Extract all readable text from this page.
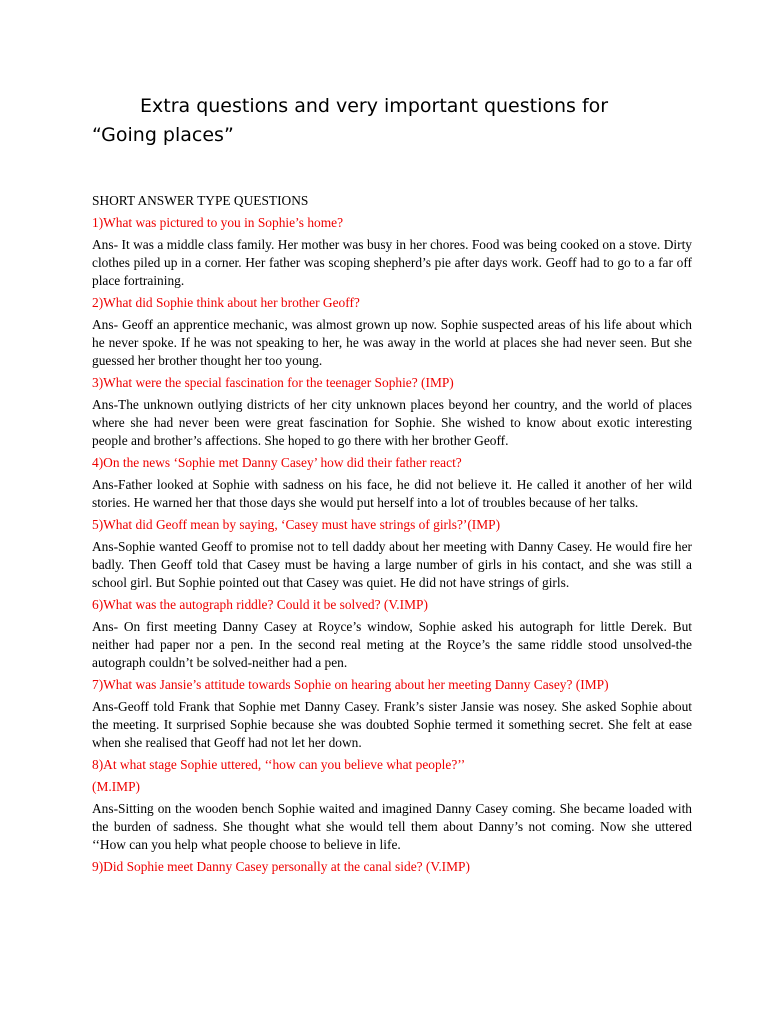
Extra questions and very important questions for
“Going places”
SHORT ANSWER TYPE QUESTIONS
1)What was pictured to you in Sophie’s home?
Ans- It was a middle class family. Her mother was busy in her chores. Food was being cooked on a stove. Dirty clothes piled up in a corner. Her father was scoping shepherd’s pie after days work. Geoff had to go to a far off place fortraining.
2)What did Sophie think about her brother Geoff?
Ans- Geoff an apprentice mechanic, was almost grown up now. Sophie suspected areas of his life about which he never spoke. If he was not speaking to her, he was away in the world at places she had never seen. But she guessed her brother thought her too young.
3)What were the special fascination for the teenager Sophie? (IMP)
Ans-The unknown outlying districts of her city unknown places beyond her country, and the world of places where she had never been were great fascination for Sophie. She wished to know about exotic interesting people and brother’s affections. She hoped to go there with her brother Geoff.
4)On the news ‘Sophie met Danny Casey’ how did their father react?
Ans-Father looked at Sophie with sadness on his face, he did not believe it. He called it another of her wild stories. He warned her that those days she would put herself into a lot of troubles because of her talks.
5)What did Geoff mean by saying, ‘Casey must have strings of girls?’(IMP)
Ans-Sophie wanted Geoff to promise not to tell daddy about her meeting with Danny Casey. He would fire her badly. Then Geoff told that Casey must be having a large number of girls in his contact, and she was still a school girl. But Sophie pointed out that Casey was quiet. He did not have strings of girls.
6)What was the autograph riddle? Could it be solved? (V.IMP)
Ans- On first meeting Danny Casey at Royce’s window, Sophie asked his autograph for little Derek. But neither had paper nor a pen. In the second real meting at the Royce’s the same riddle stood unsolved-the autograph couldn’t be solved-neither had a pen.
7)What was Jansie’s attitude towards Sophie on hearing about her meeting Danny Casey? (IMP)
Ans-Geoff told Frank that Sophie met Danny Casey. Frank’s sister Jansie was nosey. She asked Sophie about the meeting. It surprised Sophie because she was doubted Sophie termed it something secret. She felt at ease when she realised that Geoff had not let her down.
8)At what stage Sophie uttered, ‘‘how can you believe what people?’’
(M.IMP)
Ans-Sitting on the wooden bench Sophie waited and imagined Danny Casey coming. She became loaded with the burden of sadness. She thought what she would tell them about Danny’s not coming. Now she uttered ‘‘How can you help what people choose to believe in life.
9)Did Sophie meet Danny Casey personally at the canal side? (V.IMP)
